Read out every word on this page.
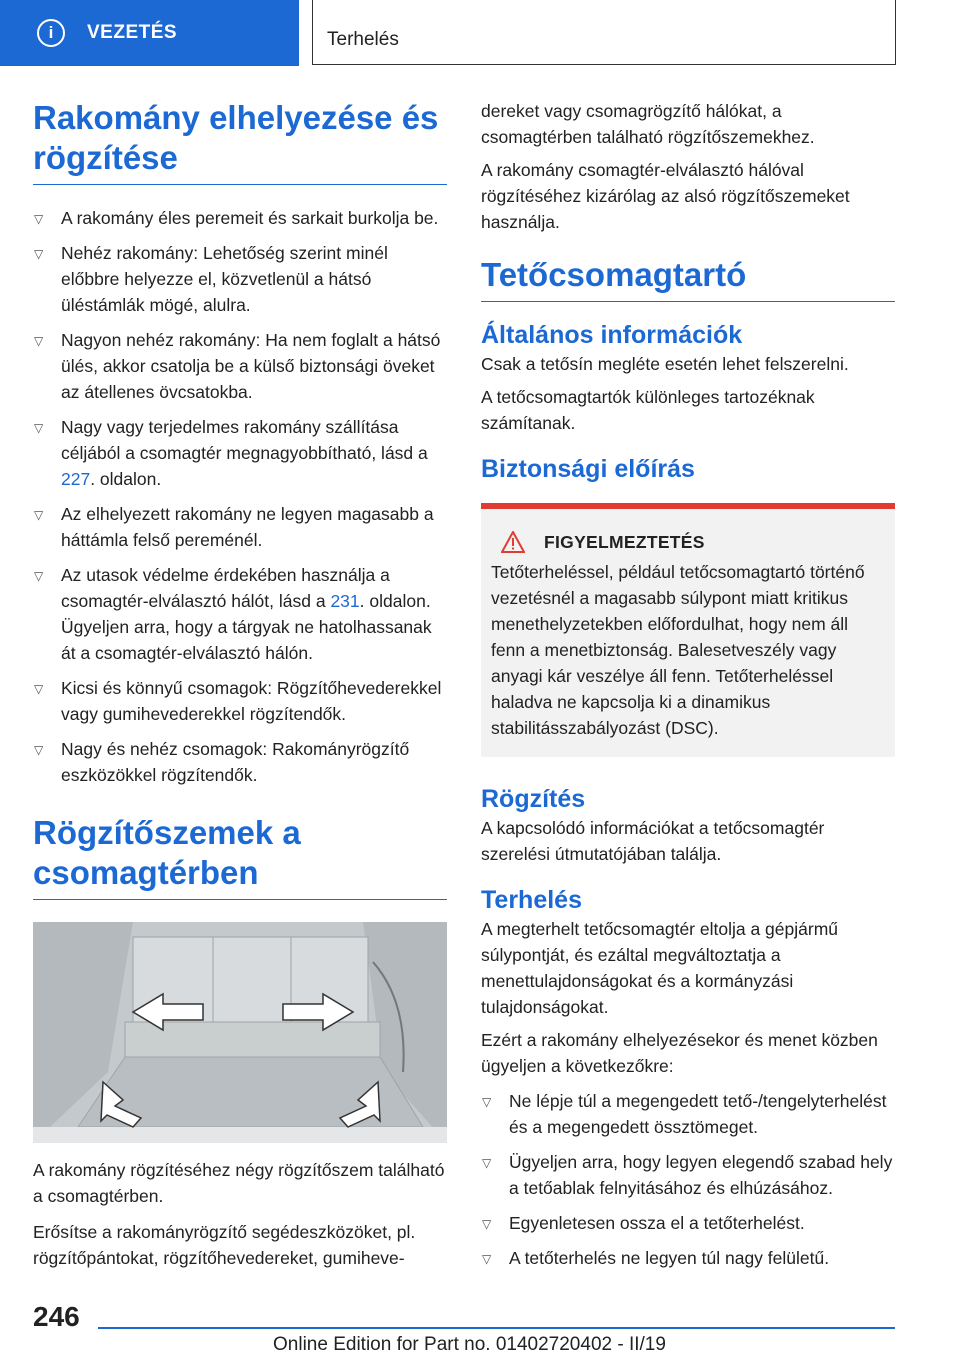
i	VEZETÉS	Terhelés
Rakomány elhelyezése és rögzítése
▽ A rakomány éles peremeit és sarkait burkolja be.
▽ Nehéz rakomány: Lehetőség szerint minél előbbre helyezze el, közvetlenül a hátsó üléstámlák mögé, alulra.
▽ Nagyon nehéz rakomány: Ha nem foglalt a hátsó ülés, akkor csatolja be a külső biztonsági öveket az átellenes övcsatokba.
▽ Nagy vagy terjedelmes rakomány szállítása céljából a csomagtér megnagyobbítható, lásd a 227. oldalon.
▽ Az elhelyezett rakomány ne legyen magasabb a háttámla felső pereménél.
▽ Az utasok védelme érdekében használja a csomagtér-elválasztó hálót, lásd a 231. oldalon. Ügyeljen arra, hogy a tárgyak ne hatolhassanak át a csomagtér-elválasztó hálón.
▽ Kicsi és könnyű csomagok: Rögzítőhevederekkel vagy gumihevederekkel rögzítendők.
▽ Nagy és nehéz csomagok: Rakományrögzítő eszközökkel rögzítendők.
Rögzítőszemek a csomagtérben

A rakomány rögzítéséhez négy rögzítőszem található a csomagtérben.

Erősítse a rakományrögzítő segédeszközöket, pl. rögzítőpántokat, rögzítőhevedereket, gumiheve-

dereket vagy csomagrögzítő hálókat, a csomagtérben található rögzítőszemekhez.

A rakomány csomagtér-elválasztó hálóval rögzítéséhez kizárólag az alsó rögzítőszemeket használja.

Tetőcsomagtartó
Általános információk

Csak a tetősín megléte esetén lehet felszerelni.

A tetőcsomagtartók különleges tartozéknak számítanak.

Biztonsági előírás
FIGYELMEZTETÉS

Tetőterheléssel, például tetőcsomagtartó történő vezetésnél a magasabb súlypont miatt kritikus menethelyzetekben előfordulhat, hogy nem áll fenn a menetbiztonság. Balesetveszély vagy anyagi kár veszélye áll fenn. Tetőterheléssel haladva ne kapcsolja ki a dinamikus stabilitásszabályozást (DSC).

Rögzítés

A kapcsolódó információkat a tetőcsomagtér szerelési útmutatójában találja.

Terhelés

A megterhelt tetőcsomagtér eltolja a gépjármű súlypontját, és ezáltal megváltoztatja a menettulajdonságokat és a kormányzási tulajdonságokat.

Ezért a rakomány elhelyezésekor és menet közben ügyeljen a következőkre:

▽ Ne lépje túl a megengedett tető-/tengelyterhelést és a megengedett össztömeget.
▽ Ügyeljen arra, hogy legyen elegendő szabad hely a tetőablak felnyitásához és elhúzásához.
▽ Egyenletesen ossza el a tetőterhelést.
▽ A tetőterhelés ne legyen túl nagy felületű.
246
Online Edition for Part no. 01402720402 - II/19
